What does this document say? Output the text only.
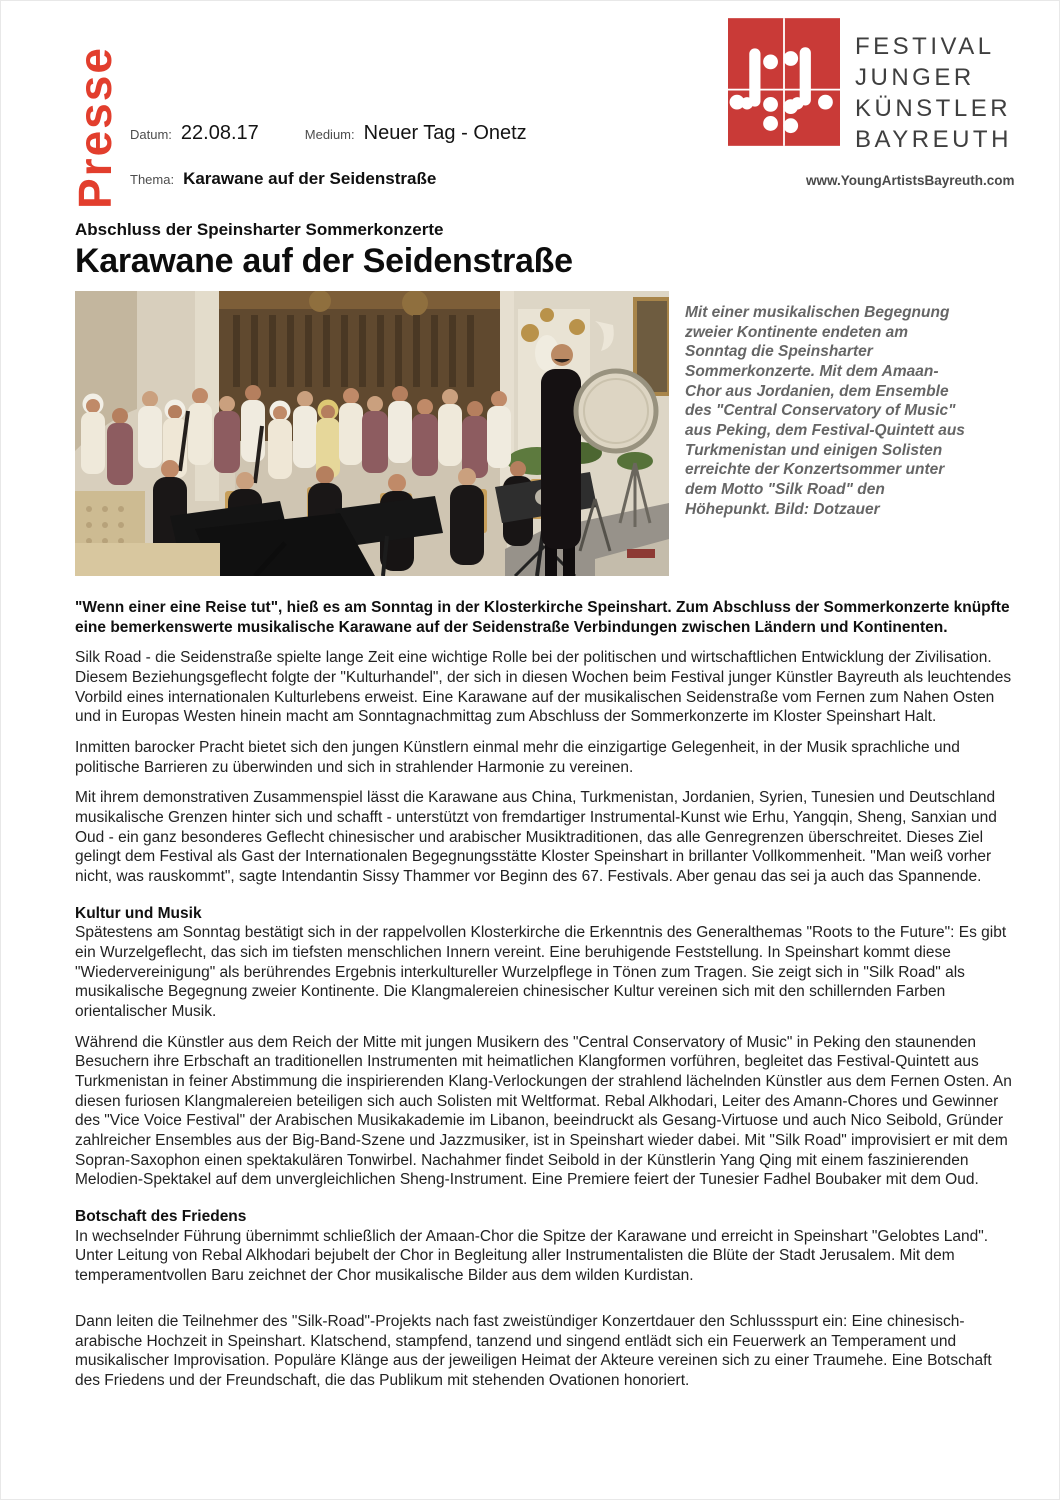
Presse Datum: 22.08.17	Medium: Neuer Tag - Onetz
Thema: Karawane auf der Seidenstraße
FESTIVAL
JUNGER
KÜNSTLER
BAYREUTH
www.YoungArtistsBayreuth.com
Abschluss der Speinsharter Sommerkonzerte
Karawane auf der Seidenstraße
Mit einer musikalischen Begegnung zweier Kontinente endeten am Sonntag die Speinsharter Sommerkonzerte. Mit dem Amaan-Chor aus Jordanien, dem Ensemble des "Central Conservatory of Music" aus Peking, dem Festival-Quintett aus Turkmenistan und einigen Solisten erreichte der Konzertsommer unter dem Motto "Silk Road" den Höhepunkt. Bild: Dotzauer

"Wenn einer eine Reise tut", hieß es am Sonntag in der Klosterkirche Speinshart. Zum Abschluss der Sommerkonzerte knüpfte eine bemerkenswerte musikalische Karawane auf der Seidenstraße Verbindungen zwischen Ländern und Kontinenten.

Silk Road - die Seidenstraße spielte lange Zeit eine wichtige Rolle bei der politischen und wirtschaftlichen Entwicklung der Zivilisation. Diesem Beziehungsgeflecht folgte der "Kulturhandel", der sich in diesen Wochen beim Festival junger Künstler Bayreuth als leuchtendes Vorbild eines internationalen Kulturlebens erweist. Eine Karawane auf der musikalischen Seidenstraße vom Fernen zum Nahen Osten und in Europas Westen hinein macht am Sonntagnachmittag zum Abschluss der Sommerkonzerte im Kloster Speinshart Halt.

Inmitten barocker Pracht bietet sich den jungen Künstlern einmal mehr die einzigartige Gelegenheit, in der Musik sprachliche und politische Barrieren zu überwinden und sich in strahlender Harmonie zu vereinen.

Mit ihrem demonstrativen Zusammenspiel lässt die Karawane aus China, Turkmenistan, Jordanien, Syrien, Tunesien und Deutschland musikalische Grenzen hinter sich und schafft - unterstützt von fremdartiger Instrumental-Kunst wie Erhu, Yangqin, Sheng, Sanxian und Oud - ein ganz besonderes Geflecht chinesischer und arabischer Musiktraditionen, das alle Genregrenzen überschreitet. Dieses Ziel gelingt dem Festival als Gast der Internationalen Begegnungsstätte Kloster Speinshart in brillanter Vollkommenheit. "Man weiß vorher nicht, was rauskommt", sagte Intendantin Sissy Thammer vor Beginn des 67. Festivals. Aber genau das sei ja auch das Spannende.

Kultur und Musik

Spätestens am Sonntag bestätigt sich in der rappelvollen Klosterkirche die Erkenntnis des Generalthemas "Roots to the Future": Es gibt ein Wurzelgeflecht, das sich im tiefsten menschlichen Innern vereint. Eine beruhigende Feststellung. In Speinshart kommt diese "Wiedervereinigung" als berührendes Ergebnis interkultureller Wurzelpflege in Tönen zum Tragen. Sie zeigt sich in "Silk Road" als musikalische Begegnung zweier Kontinente. Die Klangmalereien chinesischer Kultur vereinen sich mit den schillernden Farben orientalischer Musik.

Während die Künstler aus dem Reich der Mitte mit jungen Musikern des "Central Conservatory of Music" in Peking den staunenden Besuchern ihre Erbschaft an traditionellen Instrumenten mit heimatlichen Klangformen vorführen, begleitet das Festival-Quintett aus Turkmenistan in feiner Abstimmung die inspirierenden Klang-Verlockungen der strahlend lächelnden Künstler aus dem Fernen Osten. An diesen furiosen Klangmalereien beteiligen sich auch Solisten mit Weltformat. Rebal Alkhodari, Leiter des Amann-Chores und Gewinner des "Vice Voice Festival" der Arabischen Musikakademie im Libanon, beeindruckt als Gesang-Virtuose und auch Nico Seibold, Gründer zahlreicher Ensembles aus der Big-Band-Szene und Jazzmusiker, ist in Speinshart wieder dabei. Mit "Silk Road" improvisiert er mit dem Sopran-Saxophon einen spektakulären Tonwirbel. Nachahmer findet Seibold in der Künstlerin Yang Qing mit einem faszinierenden Melodien-Spektakel auf dem unvergleichlichen Sheng-Instrument. Eine Premiere feiert der Tunesier Fadhel Boubaker mit dem Oud.

Botschaft des Friedens

In wechselnder Führung übernimmt schließlich der Amaan-Chor die Spitze der Karawane und erreicht in Speinshart "Gelobtes Land". Unter Leitung von Rebal Alkhodari bejubelt der Chor in Begleitung aller Instrumentalisten die Blüte der Stadt Jerusalem. Mit dem temperamentvollen Baru zeichnet der Chor musikalische Bilder aus dem wilden Kurdistan.

Dann leiten die Teilnehmer des "Silk-Road"-Projekts nach fast zweistündiger Konzertdauer den Schlussspurt ein: Eine chinesisch-arabische Hochzeit in Speinshart. Klatschend, stampfend, tanzend und singend entlädt sich ein Feuerwerk an Temperament und musikalischer Improvisation. Populäre Klänge aus der jeweiligen Heimat der Akteure vereinen sich zu einer Traumehe. Eine Botschaft des Friedens und der Freundschaft, die das Publikum mit stehenden Ovationen honoriert.
